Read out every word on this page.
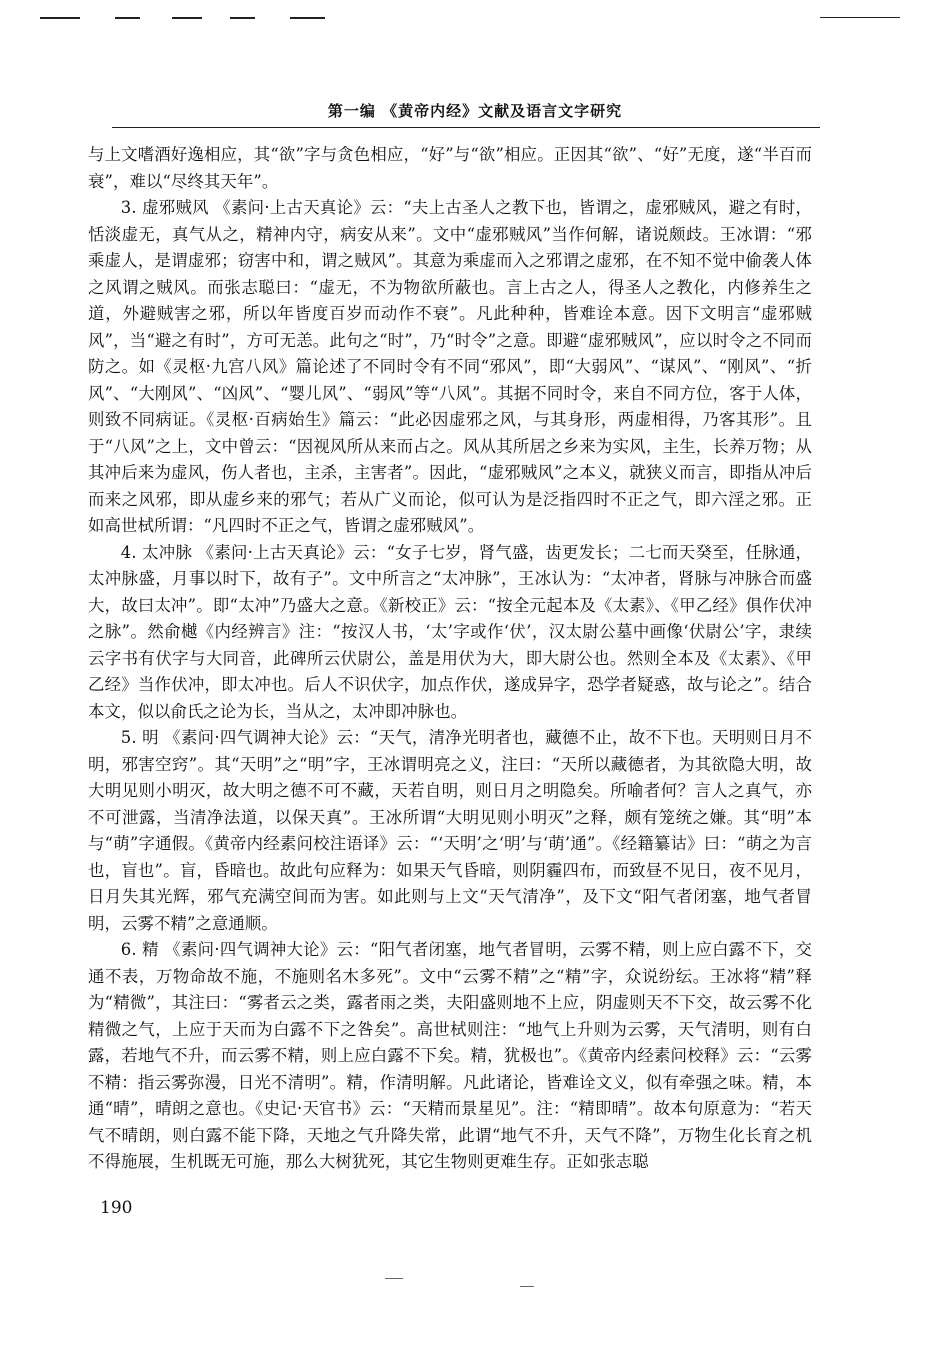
第一编 《黄帝内经》文献及语言文字研究

与上文嗜酒好逸相应，其“欲”字与贪色相应，“好”与“欲”相应。正因其“欲”、“好”无度，遂“半百而衰”，难以“尽终其天年”。

3. 虚邪贼风 《素问·上古天真论》云：“夫上古圣人之教下也，皆谓之，虚邪贼风，避之有时，恬淡虚无，真气从之，精神内守，病安从来”。文中“虚邪贼风”当作何解，诸说颇歧。王冰谓：“邪乘虚人，是谓虚邪；窃害中和，谓之贼风”。其意为乘虚而入之邪谓之虚邪，在不知不觉中偷袭人体之风谓之贼风。而张志聪曰：“虚无，不为物欲所蔽也。言上古之人，得圣人之教化，内修养生之道，外避贼害之邪，所以年皆度百岁而动作不衰”。凡此种种，皆难诠本意。因下文明言“虚邪贼风”，当“避之有时”，方可无恙。此句之“时”，乃“时令”之意。即避“虚邪贼风”，应以时令之不同而防之。如《灵枢·九宫八风》篇论述了不同时令有不同“邪风”，即“大弱风”、“谋风”、“刚风”、“折风”、“大刚风”、“凶风”、“婴儿风”、“弱风”等“八风”。其据不同时令，来自不同方位，客于人体，则致不同病证。《灵枢·百病始生》篇云：“此必因虚邪之风，与其身形，两虚相得，乃客其形”。且于“八风”之上，文中曾云：“因视风所从来而占之。风从其所居之乡来为实风，主生，长养万物；从其冲后来为虚风，伤人者也，主杀，主害者”。因此，“虚邪贼风”之本义，就狭义而言，即指从冲后而来之风邪，即从虚乡来的邪气；若从广义而论，似可认为是泛指四时不正之气，即六淫之邪。正如高世栻所谓：“凡四时不正之气，皆谓之虚邪贼风”。

4. 太冲脉 《素问·上古天真论》云：“女子七岁，肾气盛，齿更发长；二七而天癸至，任脉通，太冲脉盛，月事以时下，故有子”。文中所言之“太冲脉”，王冰认为：“太冲者，肾脉与冲脉合而盛大，故曰太冲”。即“太冲”乃盛大之意。《新校正》云：“按全元起本及《太素》、《甲乙经》俱作伏冲之脉”。然俞樾《内经辨言》注：“按汉人书，‘太’字或作‘伏’，汉太尉公墓中画像‘伏尉公’字，隶续云字书有伏字与大同音，此碑所云伏尉公，盖是用伏为大，即大尉公也。然则全本及《太素》、《甲乙经》当作伏冲，即太冲也。后人不识伏字，加点作伏，遂成异字，恐学者疑惑，故与论之”。结合本文，似以俞氏之论为长，当从之，太冲即冲脉也。

5. 明 《素问·四气调神大论》云：“天气，清净光明者也，藏德不止，故不下也。天明则日月不明，邪害空窍”。其“天明”之“明”字，王冰谓明亮之义，注曰：“天所以藏德者，为其欲隐大明，故大明见则小明灭，故大明之德不可不藏，天若自明，则日月之明隐矣。所喻者何？言人之真气，亦不可泄露，当清净法道，以保天真”。王冰所谓“大明见则小明灭”之释，颇有笼统之嫌。其“明”本与“萌”字通假。《黄帝内经素问校注语译》云：“‘天明’之‘明’与‘萌’通”。《经籍纂诂》曰：“萌之为言也，盲也”。盲，昏暗也。故此句应释为：如果天气昏暗，则阴霾四布，而致昼不见日，夜不见月，日月失其光辉，邪气充满空间而为害。如此则与上文“天气清净”，及下文“阳气者闭塞，地气者冒明，云雾不精”之意通顺。

6. 精 《素问·四气调神大论》云：“阳气者闭塞，地气者冒明，云雾不精，则上应白露不下，交通不表，万物命故不施，不施则名木多死”。文中“云雾不精”之“精”字，众说纷纭。王冰将“精”释为“精微”，其注曰：“雾者云之类，露者雨之类，夫阳盛则地不上应，阴虚则天不下交，故云雾不化精微之气，上应于天而为白露不下之咎矣”。高世栻则注：“地气上升则为云雾，天气清明，则有白露，若地气不升，而云雾不精，则上应白露不下矣。精，犹极也”。《黄帝内经素问校释》云：“云雾不精：指云雾弥漫，日光不清明”。精，作清明解。凡此诸论，皆难诠文义，似有牵强之味。精，本通“晴”，晴朗之意也。《史记·天官书》云：“天精而景星见”。注：“精即晴”。故本句原意为：“若天气不晴朗，则白露不能下降，天地之气升降失常，此谓“地气不升，天气不降”，万物生化长育之机不得施展，生机既无可施，那么大树犹死，其它生物则更难生存。正如张志聪

190
